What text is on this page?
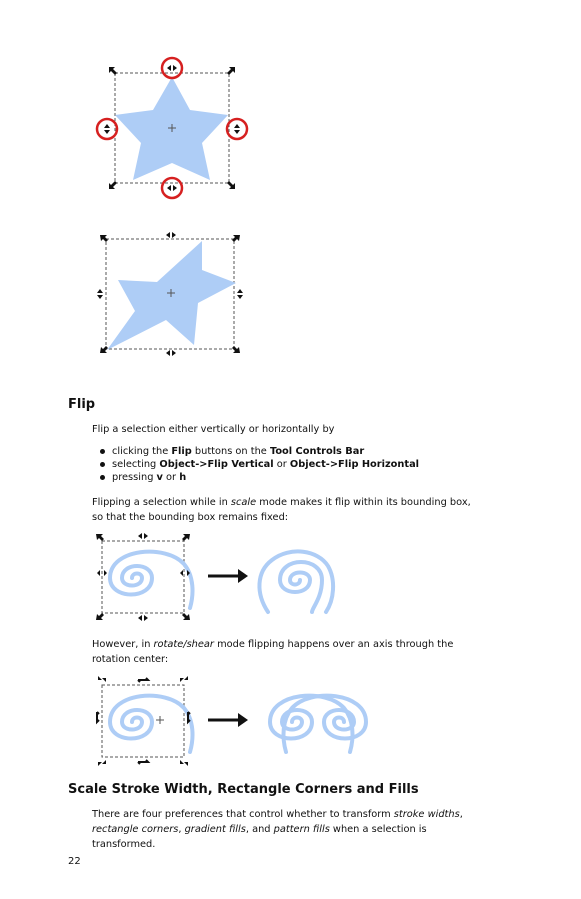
Flip
Flip a selection either vertically or horizontally by
clicking the Flip buttons on the Tool Controls Bar
selecting Object->Flip Vertical or Object->Flip Horizontal
pressing v or h
Flipping a selection while in scale mode makes it flip within its bounding box, so that the bounding box remains fixed:
However, in rotate/shear mode flipping happens over an axis through the rotation center:
Scale Stroke Width, Rectangle Corners and Fills
There are four preferences that control whether to transform stroke widths, rectangle corners, gradient fills, and pattern fills when a selection is transformed.
22
